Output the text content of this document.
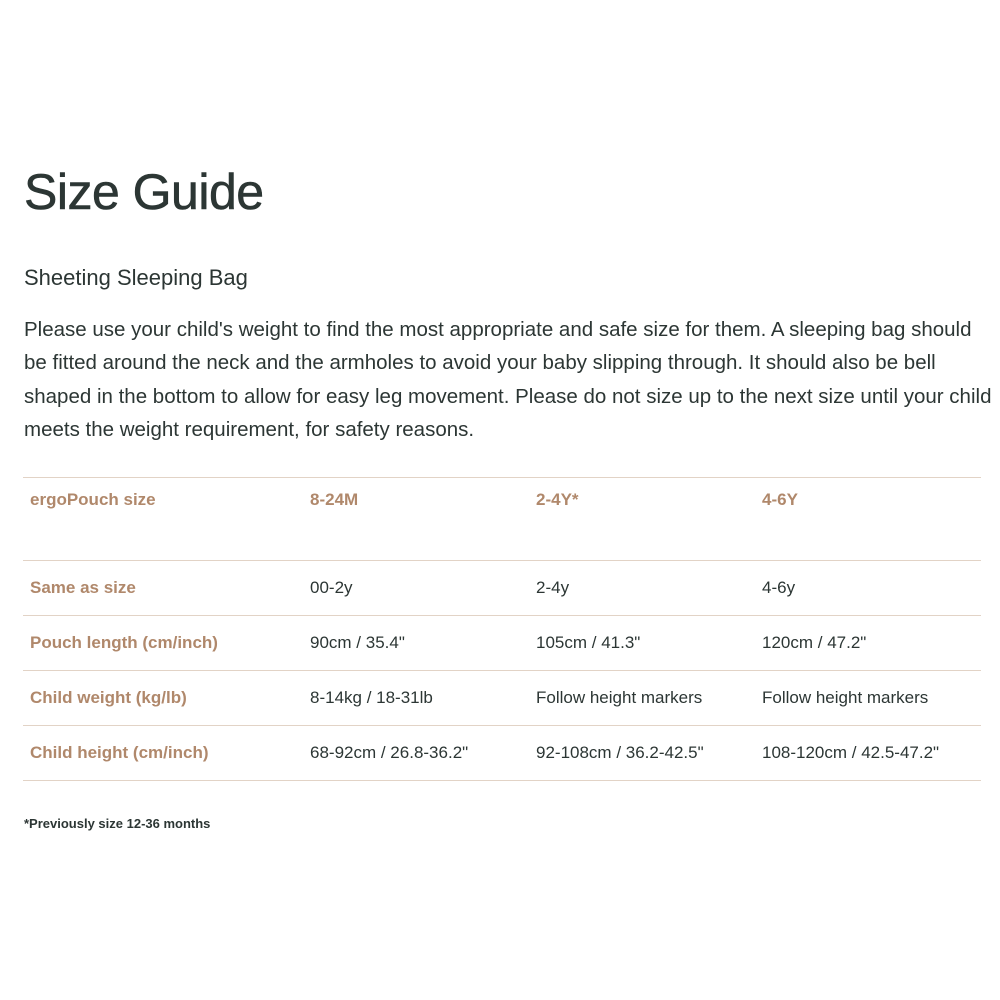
Size Guide
Sheeting Sleeping Bag

Please use your child's weight to find the most appropriate and safe size for them. A sleeping bag should be fitted around the neck and the armholes to avoid your baby slipping through. It should also be bell shaped in the bottom to allow for easy leg movement. Please do not size up to the next size until your child meets the weight requirement, for safety reasons.

ergoPouch size	8-24M	2-4Y*	4-6Y
Same as size	00-2y	2-4y	4-6y
Pouch length (cm/inch)	90cm / 35.4"	105cm / 41.3"	120cm / 47.2"
Child weight (kg/lb)	8-14kg / 18-31lb	Follow height markers	Follow height markers
Child height (cm/inch)	68-92cm / 26.8-36.2"	92-108cm / 36.2-42.5"	108-120cm / 42.5-47.2"

*Previously size 12-36 months
